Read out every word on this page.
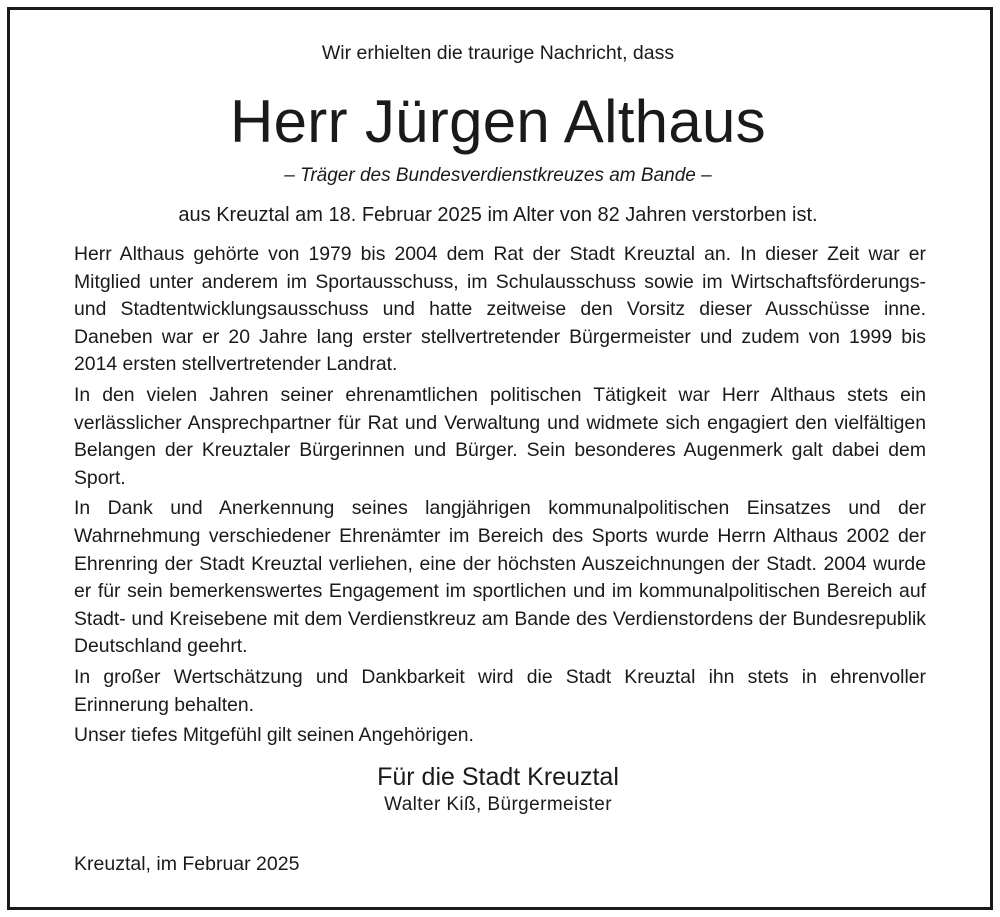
Wir erhielten die traurige Nachricht, dass
Herr Jürgen Althaus
– Träger des Bundesverdienstkreuzes am Bande –
aus Kreuztal am 18. Februar 2025 im Alter von 82 Jahren verstorben ist.

Herr Althaus gehörte von 1979 bis 2004 dem Rat der Stadt Kreuztal an. In dieser Zeit war er Mitglied unter anderem im Sportausschuss, im Schulausschuss sowie im Wirtschaftsförderungs- und Stadtentwicklungsausschuss und hatte zeitweise den Vorsitz dieser Ausschüsse inne. Daneben war er 20 Jahre lang erster stellvertretender Bürgermeister und zudem von 1999 bis 2014 ersten stellvertretender Landrat.

In den vielen Jahren seiner ehrenamtlichen politischen Tätigkeit war Herr Althaus stets ein verlässlicher Ansprechpartner für Rat und Verwaltung und widmete sich engagiert den vielfältigen Belangen der Kreuztaler Bürgerinnen und Bürger. Sein besonderes Augenmerk galt dabei dem Sport.

In Dank und Anerkennung seines langjährigen kommunalpolitischen Einsatzes und der Wahrnehmung verschiedener Ehrenämter im Bereich des Sports wurde Herrn Althaus 2002 der Ehrenring der Stadt Kreuztal verliehen, eine der höchsten Auszeichnungen der Stadt. 2004 wurde er für sein bemerkenswertes Engagement im sportlichen und im kommunalpolitischen Bereich auf Stadt- und Kreisebene mit dem Verdienstkreuz am Bande des Verdienstordens der Bundesrepublik Deutschland geehrt.

In großer Wertschätzung und Dankbarkeit wird die Stadt Kreuztal ihn stets in ehrenvoller Erinnerung behalten.

Unser tiefes Mitgefühl gilt seinen Angehörigen.

Für die Stadt Kreuztal
Walter Kiß, Bürgermeister
Kreuztal, im Februar 2025
